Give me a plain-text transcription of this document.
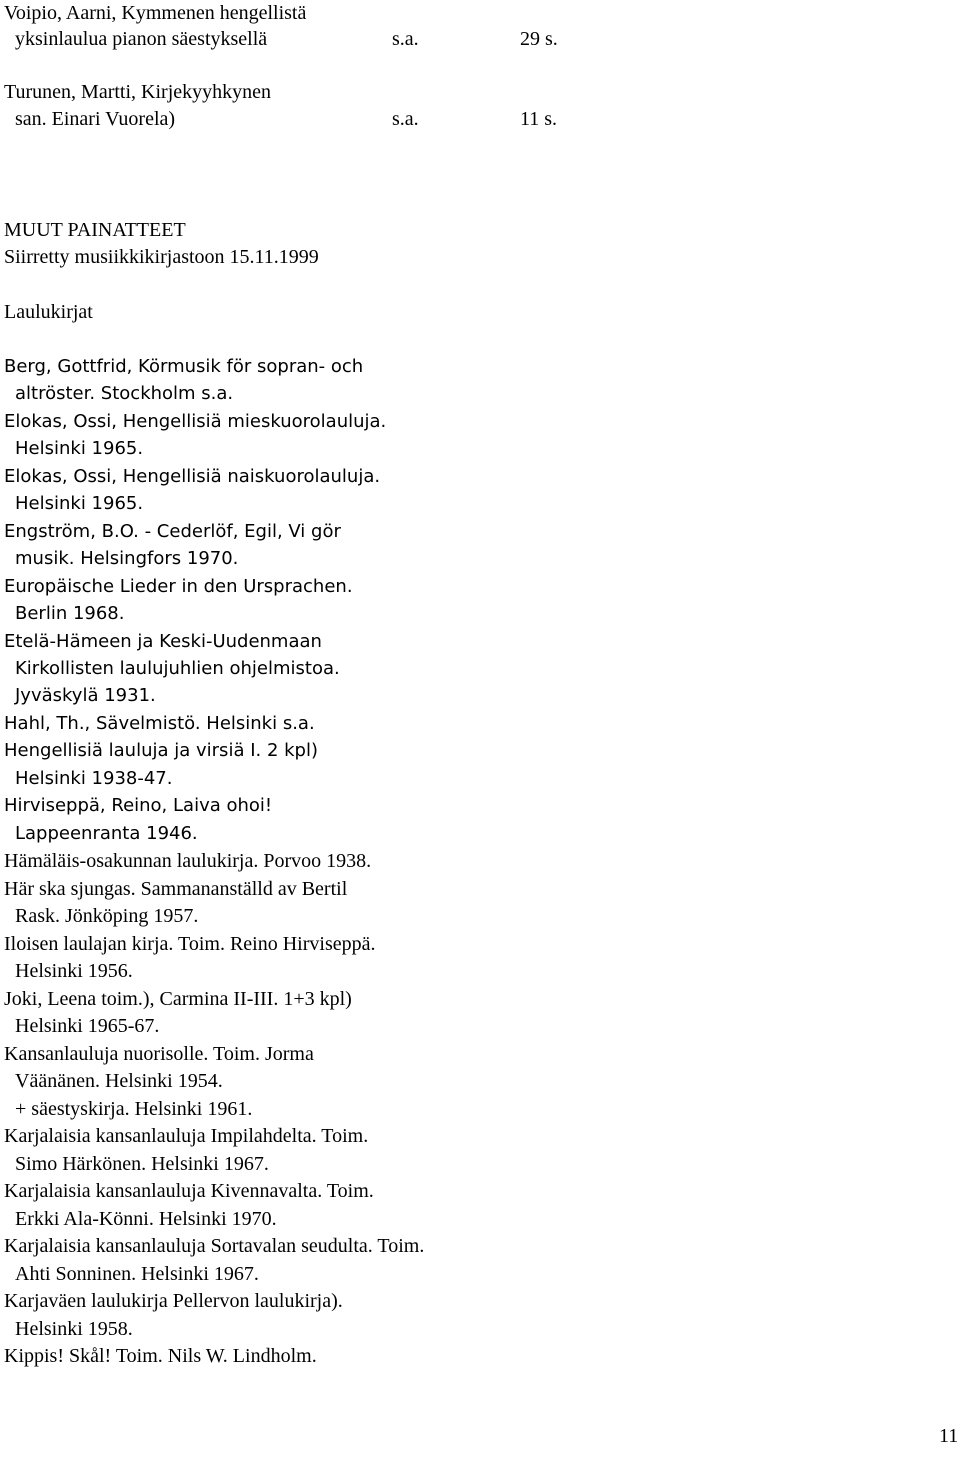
Voipio, Aarni, Kymmenen hengellistä
yksinlaulua pianon säestyksellä	s.a.	29 s.
Turunen, Martti, Kirjekyyhkynen
san. Einari Vuorela)	s.a.	11 s.
MUUT PAINATTEET
Siirretty musiikkikirjastoon 15.11.1999
Laulukirjat
Berg, Gottfrid, Körmusik för sopran- och
altröster. Stockholm s.a.
Elokas, Ossi, Hengellisiä mieskuorolauluja.
Helsinki 1965.
Elokas, Ossi, Hengellisiä naiskuorolauluja.
Helsinki 1965.
Engström, B.O. - Cederlöf, Egil, Vi gör
musik. Helsingfors 1970.
Europäische Lieder in den Ursprachen.
Berlin 1968.
Etelä-Hämeen ja Keski-Uudenmaan
Kirkollisten laulujuhlien ohjelmistoa.
Jyväskylä 1931.
Hahl, Th., Sävelmistö. Helsinki s.a.
Hengellisiä lauluja ja virsiä I. 2 kpl)
Helsinki 1938-47.
Hirviseppä, Reino, Laiva ohoi!
Lappeenranta 1946.
Hämäläis-osakunnan laulukirja. Porvoo 1938.
Här ska sjungas. Sammananställd av Bertil
Rask. Jönköping 1957.
Iloisen laulajan kirja. Toim. Reino Hirviseppä.
Helsinki 1956.
Joki, Leena toim.), Carmina II-III. 1+3 kpl)
Helsinki 1965-67.
Kansanlauluja nuorisolle. Toim. Jorma
Väänänen. Helsinki 1954.
+ säestyskirja. Helsinki 1961.
Karjalaisia kansanlauluja Impilahdelta. Toim.
Simo Härkönen. Helsinki 1967.
Karjalaisia kansanlauluja Kivennavalta. Toim.
Erkki Ala-Könni. Helsinki 1970.
Karjalaisia kansanlauluja Sortavalan seudulta. Toim.
Ahti Sonninen. Helsinki 1967.
Karjaväen laulukirja Pellervon laulukirja).
Helsinki 1958.
Kippis! Skål! Toim. Nils W. Lindholm.
11
